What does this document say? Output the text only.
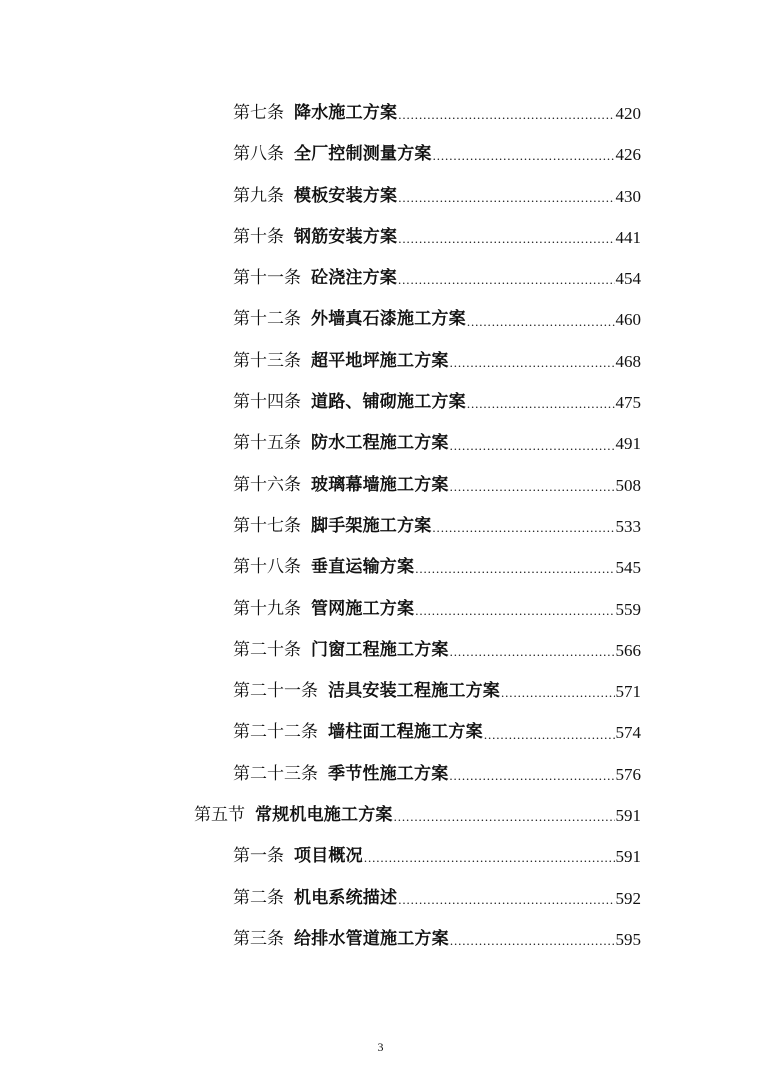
第七条 降水施工方案 .....	420
第八条 全厂控制测量方案 .....	426
第九条 模板安装方案 .....	430
第十条 钢筋安装方案 .....	441
第十一条 砼浇注方案 .....	454
第十二条 外墙真石漆施工方案 .....	460
第十三条 超平地坪施工方案 .....	468
第十四条 道路、铺砌施工方案 .....	475
第十五条 防水工程施工方案 .....	491
第十六条 玻璃幕墙施工方案 .....	508
第十七条 脚手架施工方案 .....	533
第十八条 垂直运输方案 .....	545
第十九条 管网施工方案 .....	559
第二十条 门窗工程施工方案 .....	566
第二十一条 洁具安装工程施工方案 .....	571
第二十二条 墙柱面工程施工方案 .....	574
第二十三条 季节性施工方案 .....	576
第五节 常规机电施工方案 .....	591
第一条 项目概况 .....	591
第二条 机电系统描述 .....	592
第三条 给排水管道施工方案 .....	595
3
